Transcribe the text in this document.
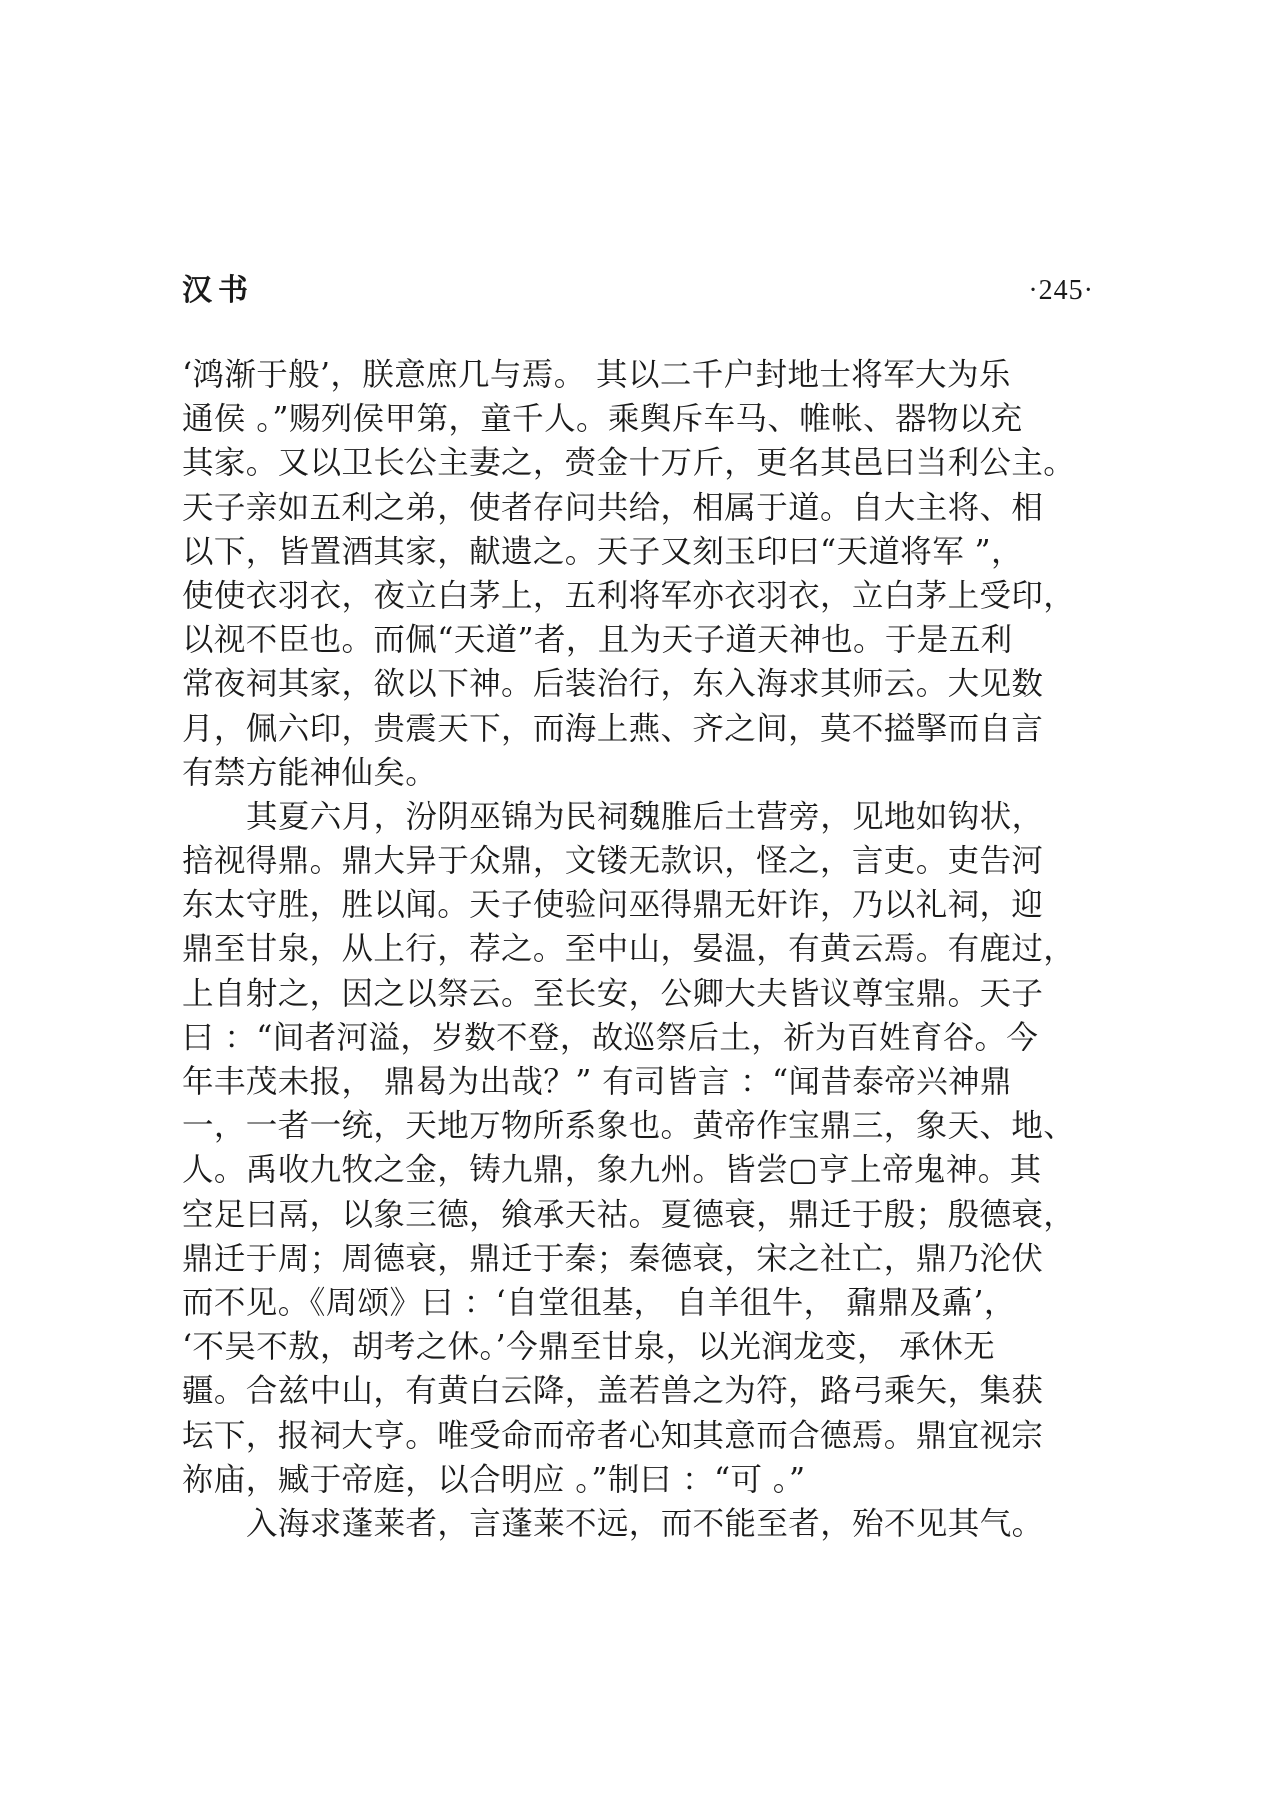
汉书	·245·
‘鸿渐于般’，朕意庶几与焉。 其以二千户封地士将军大为乐
通侯 。”赐列侯甲第，童千人。乘舆斥车马、帷帐、器物以充
其家。又以卫长公主妻之，赍金十万斤，更名其邑曰当利公主。
天子亲如五利之弟，使者存问共给，相属于道。自大主将、相
以下，皆置酒其家，献遗之。天子又刻玉印曰“天道将军 ”，
使使衣羽衣，夜立白茅上，五利将军亦衣羽衣，立白茅上受印，
以视不臣也。而佩“天道”者，且为天子道天神也。于是五利
常夜祠其家，欲以下神。后装治行，东入海求其师云。大见数
月，佩六印，贵震天下，而海上燕、齐之间，莫不搤掔而自言
有禁方能神仙矣。
其夏六月，汾阴巫锦为民祠魏脽后土营旁，见地如钩状，
掊视得鼎。鼎大异于众鼎，文镂无款识，怪之，言吏。吏告河
东太守胜，胜以闻。天子使验问巫得鼎无奸诈，乃以礼祠，迎
鼎至甘泉，从上行，荐之。至中山，晏温，有黄云焉。有鹿过，
上自射之，因之以祭云。至长安，公卿大夫皆议尊宝鼎。天子
曰 ：“间者河溢，岁数不登，故巡祭后土，祈为百姓育谷。今
年丰茂未报， 鼎曷为出哉？” 有司皆言 ：“闻昔泰帝兴神鼎
一，一者一统，天地万物所系象也。黄帝作宝鼎三，象天、地、
人。禹收九牧之金，铸九鼎，象九州。皆尝▢亨上帝鬼神。其
空足曰鬲，以象三德，飨承天祜。夏德衰，鼎迁于殷；殷德衰，
鼎迁于周；周德衰，鼎迁于秦；秦德衰，宋之社亡，鼎乃沦伏
而不见。《周颂》曰 ：‘自堂徂基， 自羊徂牛， 鼐鼎及鼒’，
‘不吴不敖，胡考之休。’今鼎至甘泉，以光润龙变， 承休无
疆。合兹中山，有黄白云降，盖若兽之为符，路弓乘矢，集获
坛下，报祠大亨。唯受命而帝者心知其意而合德焉。鼎宜视宗
祢庙，臧于帝庭，以合明应 。”制曰 ：“可 。”
入海求蓬莱者，言蓬莱不远，而不能至者，殆不见其气。
